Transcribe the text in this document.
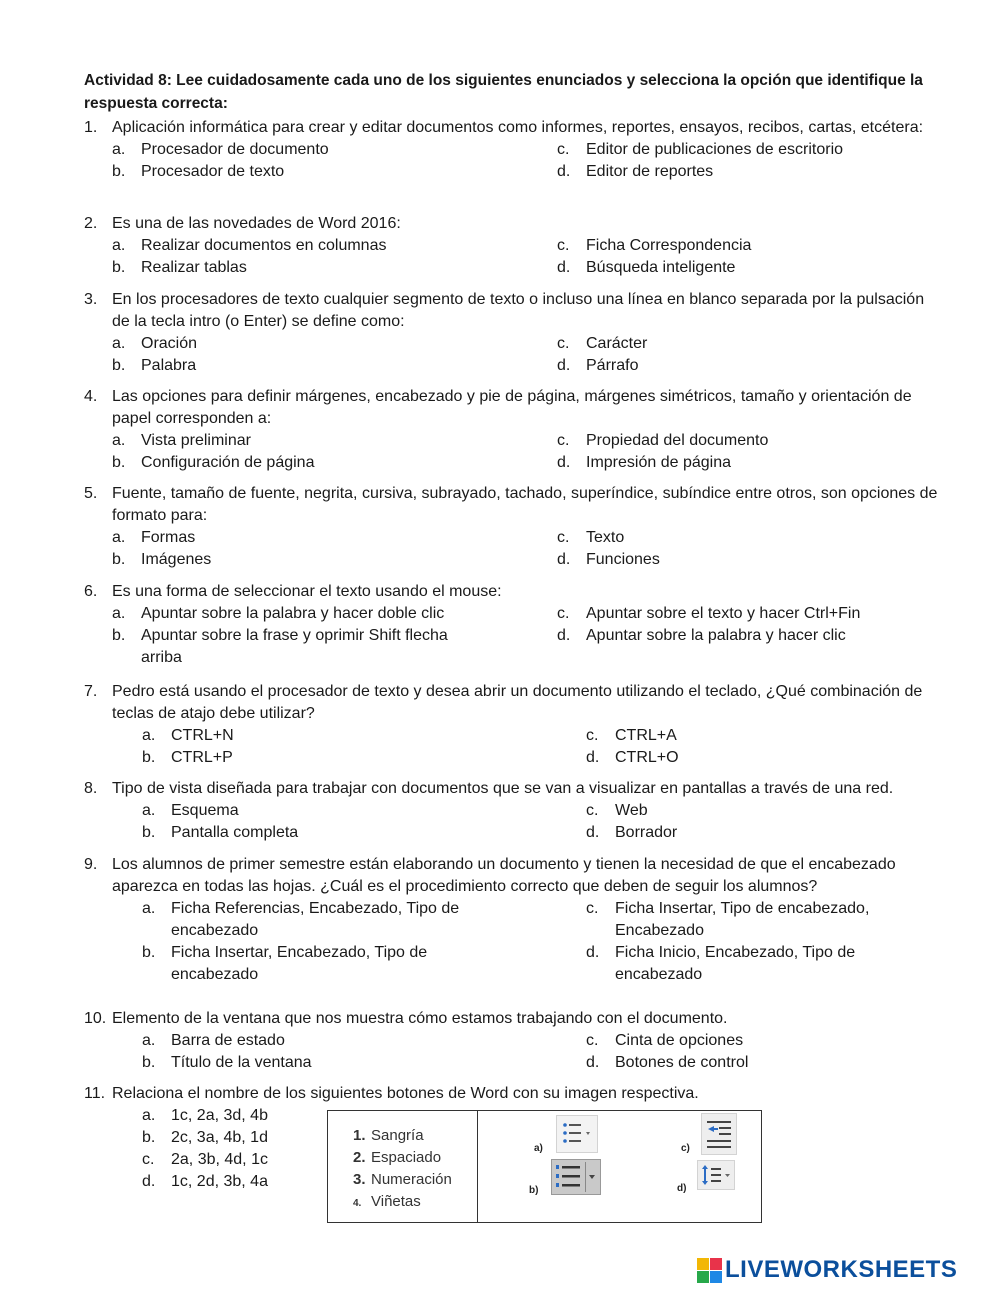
Actividad 8: Lee cuidadosamente cada uno de los siguientes enunciados y selecciona la opción que identifique la respuesta correcta:
1. Aplicación informática para crear y editar documentos como informes, reportes, ensayos, recibos, cartas, etcétera:
a. Procesador de documento
b. Procesador de texto
c. Editor de publicaciones de escritorio
d. Editor de reportes
2. Es una de las novedades de Word 2016:
a. Realizar documentos en columnas
b. Realizar tablas
c. Ficha Correspondencia
d. Búsqueda inteligente
3. En los procesadores de texto cualquier segmento de texto o incluso una línea en blanco separada por la pulsación de la tecla intro (o Enter) se define como:
a. Oración
b. Palabra
c. Carácter
d. Párrafo
4. Las opciones para definir márgenes, encabezado y pie de página, márgenes simétricos, tamaño y orientación de papel corresponden a:
a. Vista preliminar
b. Configuración de página
c. Propiedad del documento
d. Impresión de página
5. Fuente, tamaño de fuente, negrita, cursiva, subrayado, tachado, superíndice, subíndice entre otros, son opciones de formato para:
a. Formas
b. Imágenes
c. Texto
d. Funciones
6. Es una forma de seleccionar el texto usando el mouse:
a. Apuntar sobre la palabra y hacer doble clic
b. Apuntar sobre la frase y oprimir Shift flecha arriba
c. Apuntar sobre el texto y hacer Ctrl+Fin
d. Apuntar sobre la palabra y hacer clic
7. Pedro está usando el procesador de texto y desea abrir un documento utilizando el teclado, ¿Qué combinación de teclas de atajo debe utilizar?
a. CTRL+N
b. CTRL+P
c. CTRL+A
d. CTRL+O
8. Tipo de vista diseñada para trabajar con documentos que se van a visualizar en pantallas a través de una red.
a. Esquema
b. Pantalla completa
c. Web
d. Borrador
9. Los alumnos de primer semestre están elaborando un documento y tienen la necesidad de que el encabezado aparezca en todas las hojas. ¿Cuál es el procedimiento correcto que deben de seguir los alumnos?
a. Ficha Referencias, Encabezado, Tipo de encabezado
b. Ficha Insertar, Encabezado, Tipo de encabezado
c. Ficha Insertar, Tipo de encabezado, Encabezado
d. Ficha Inicio, Encabezado, Tipo de encabezado
10. Elemento de la ventana que nos muestra cómo estamos trabajando con el documento.
a. Barra de estado
b. Título de la ventana
c. Cinta de opciones
d. Botones de control
11. Relaciona el nombre de los siguientes botones de Word con su imagen respectiva.
a. 1c, 2a, 3d, 4b
b. 2c, 3a, 4b, 1d
c. 2a, 3b, 4d, 1c
d. 1c, 2d, 3b, 4a
1. Sangría
2. Espaciado
3. Numeración
4. Viñetas
a)
b)
c)
d)
LIVEWORKSHEETS
